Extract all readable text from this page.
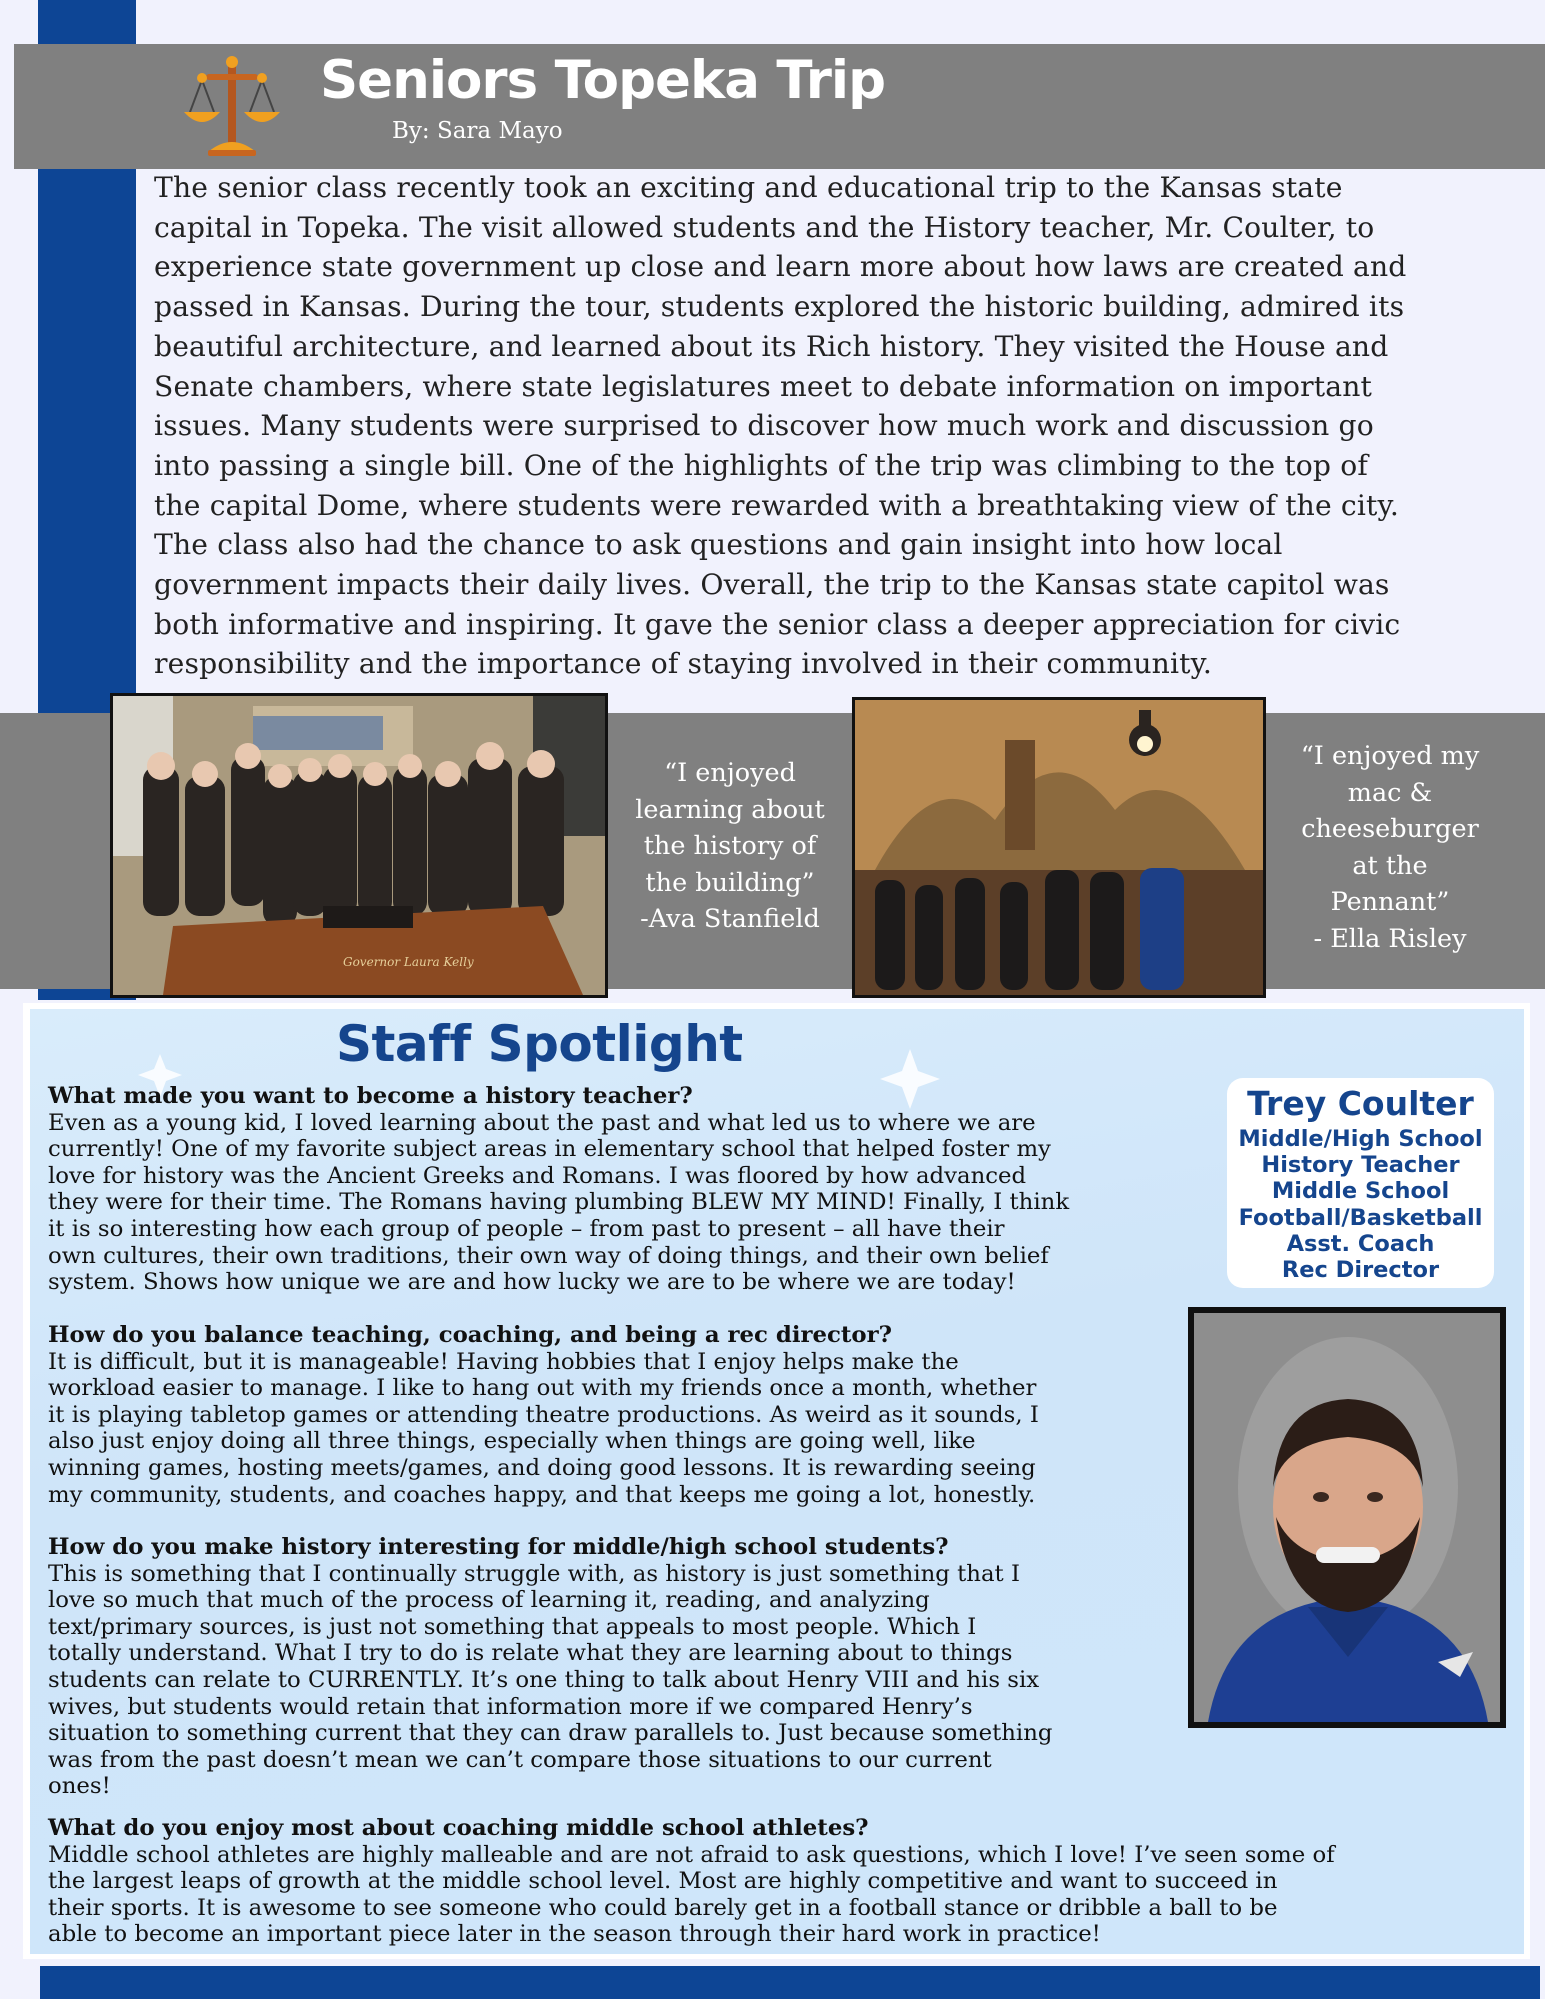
Seniors Topeka Trip
By: Sara Mayo
The senior class recently took an exciting and educational trip to the Kansas state
capital in Topeka. The visit allowed students and the History teacher, Mr. Coulter, to
experience state government up close and learn more about how laws are created and
passed in Kansas. During the tour, students explored the historic building, admired its
beautiful architecture, and learned about its Rich history. They visited the House and
Senate chambers, where state legislatures meet to debate information on important
issues. Many students were surprised to discover how much work and discussion go
into passing a single bill. One of the highlights of the trip was climbing to the top of
the capital Dome, where students were rewarded with a breathtaking view of the city.
The class also had the chance to ask questions and gain insight into how local
government impacts their daily lives. Overall, the trip to the Kansas state capitol was
both informative and inspiring. It gave the senior class a deeper appreciation for civic
responsibility and the importance of staying involved in their community.
Governor Laura Kelly
“I enjoyed
learning about
the history of
the building”
-Ava Stanfield
“I enjoyed my
mac &
cheeseburger
at the
Pennant”
- Ella Risley
Staff Spotlight
What made you want to become a history teacher?
Even as a young kid, I loved learning about the past and what led us to where we are
currently! One of my favorite subject areas in elementary school that helped foster my
love for history was the Ancient Greeks and Romans. I was floored by how advanced
they were for their time. The Romans having plumbing BLEW MY MIND! Finally, I think
it is so interesting how each group of people – from past to present – all have their
own cultures, their own traditions, their own way of doing things, and their own belief
system. Shows how unique we are and how lucky we are to be where we are today!
How do you balance teaching, coaching, and being a rec director?
It is difficult, but it is manageable! Having hobbies that I enjoy helps make the
workload easier to manage. I like to hang out with my friends once a month, whether
it is playing tabletop games or attending theatre productions. As weird as it sounds, I
also just enjoy doing all three things, especially when things are going well, like
winning games, hosting meets/games, and doing good lessons. It is rewarding seeing
my community, students, and coaches happy, and that keeps me going a lot, honestly.
How do you make history interesting for middle/high school students?
This is something that I continually struggle with, as history is just something that I
love so much that much of the process of learning it, reading, and analyzing
text/primary sources, is just not something that appeals to most people. Which I
totally understand. What I try to do is relate what they are learning about to things
students can relate to CURRENTLY. It’s one thing to talk about Henry VIII and his six
wives, but students would retain that information more if we compared Henry’s
situation to something current that they can draw parallels to. Just because something
was from the past doesn’t mean we can’t compare those situations to our current
ones!
What do you enjoy most about coaching middle school athletes?
Middle school athletes are highly malleable and are not afraid to ask questions, which I love! I’ve seen some of
the largest leaps of growth at the middle school level. Most are highly competitive and want to succeed in
their sports. It is awesome to see someone who could barely get in a football stance or dribble a ball to be
able to become an important piece later in the season through their hard work in practice!
Trey Coulter
Middle/High School
History Teacher
Middle School
Football/Basketball
Asst. Coach
Rec Director
